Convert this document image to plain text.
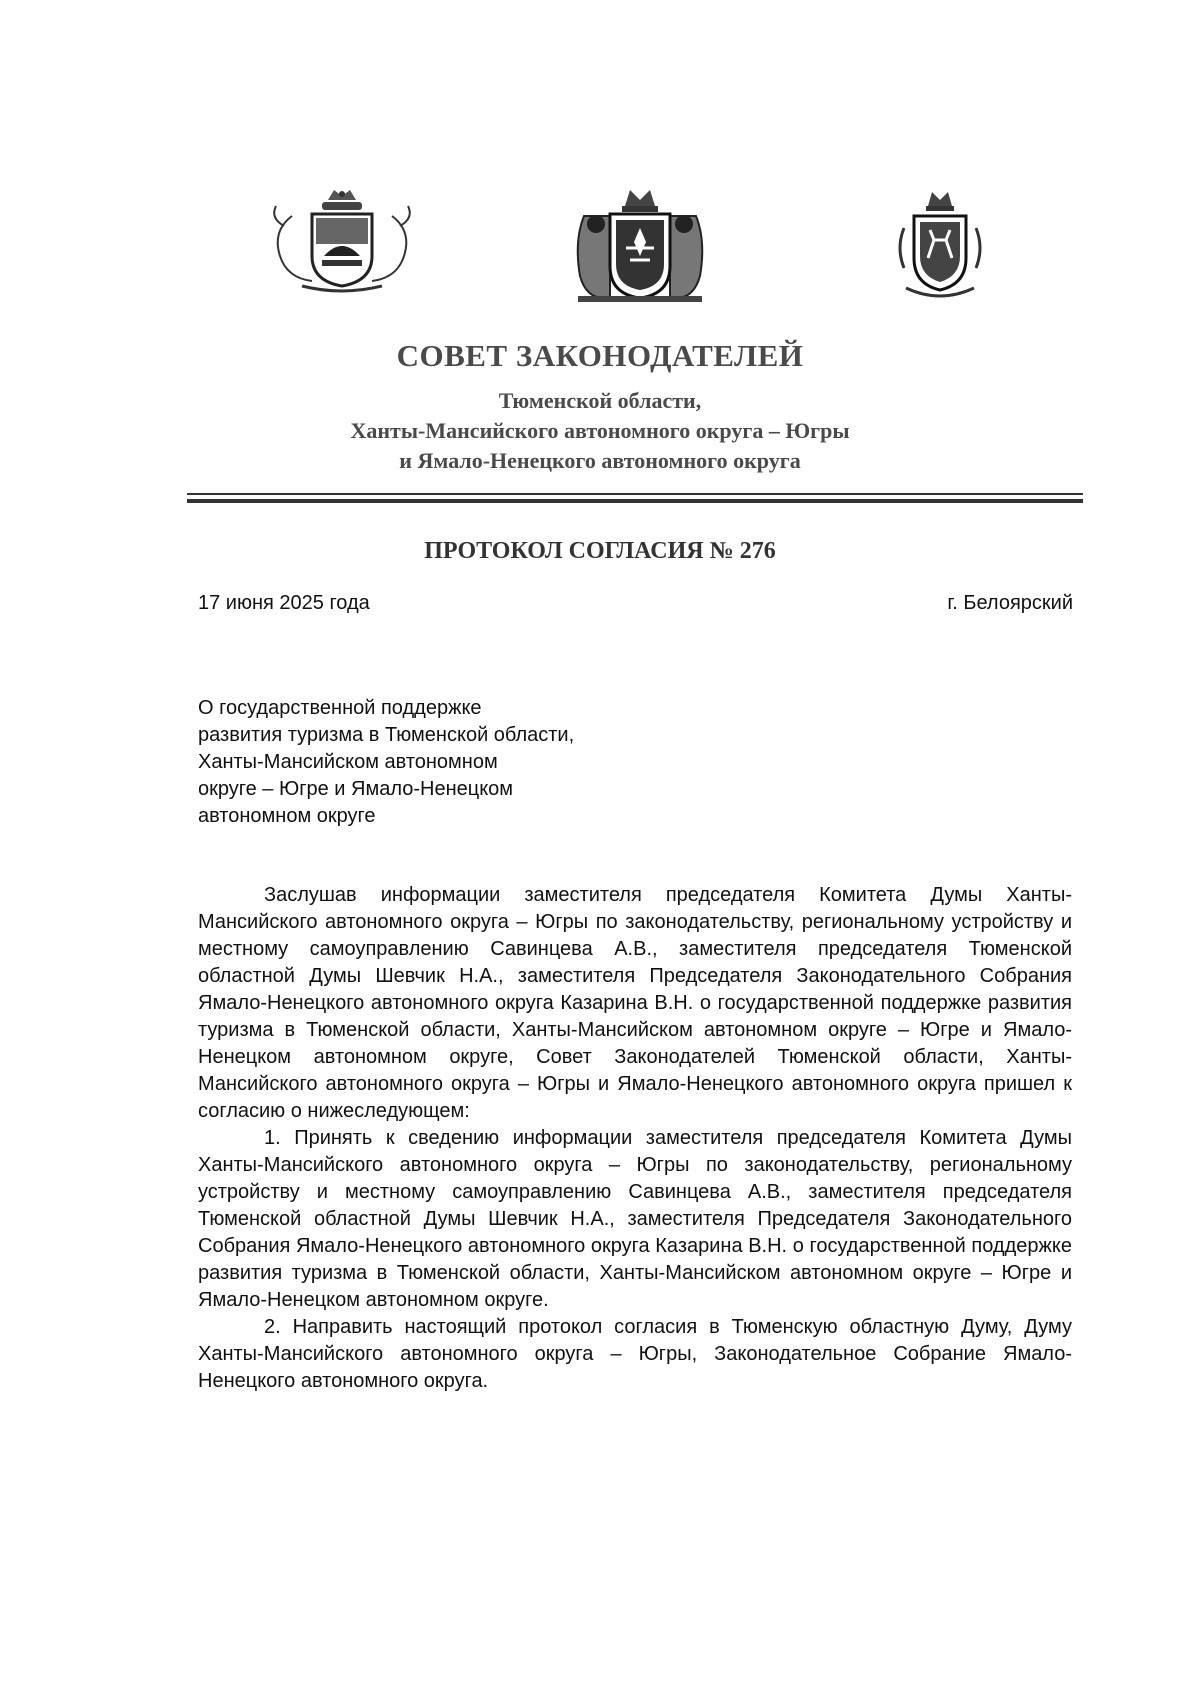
СОВЕТ ЗАКОНОДАТЕЛЕЙ
Тюменской области,
Ханты-Мансийского автономного округа – Югры
и Ямало-Ненецкого автономного округа
ПРОТОКОЛ СОГЛАСИЯ № 276
17 июня 2025 года	г. Белоярский
О государственной поддержке
развития туризма в Тюменской области,
Ханты-Мансийском автономном
округе – Югре и Ямало-Ненецком
автономном округе

Заслушав информации заместителя председателя Комитета Думы Ханты-Мансийского автономного округа – Югры по законодательству, региональному устройству и местному самоуправлению Савинцева А.В., заместителя председателя Тюменской областной Думы Шевчик Н.А., заместителя Председателя Законодательного Собрания Ямало-Ненецкого автономного округа Казарина В.Н. о государственной поддержке развития туризма в Тюменской области, Ханты-Мансийском автономном округе – Югре и Ямало-Ненецком автономном округе, Совет Законодателей Тюменской области, Ханты-Мансийского автономного округа – Югры и Ямало-Ненецкого автономного округа пришел к согласию о нижеследующем:

1. Принять к сведению информации заместителя председателя Комитета Думы Ханты-Мансийского автономного округа – Югры по законодательству, региональному устройству и местному самоуправлению Савинцева А.В., заместителя председателя Тюменской областной Думы Шевчик Н.А., заместителя Председателя Законодательного Собрания Ямало-Ненецкого автономного округа Казарина В.Н. о государственной поддержке развития туризма в Тюменской области, Ханты-Мансийском автономном округе – Югре и Ямало-Ненецком автономном округе.

2. Направить настоящий протокол согласия в Тюменскую областную Думу, Думу Ханты-Мансийского автономного округа – Югры, Законодательное Собрание Ямало-Ненецкого автономного округа.
